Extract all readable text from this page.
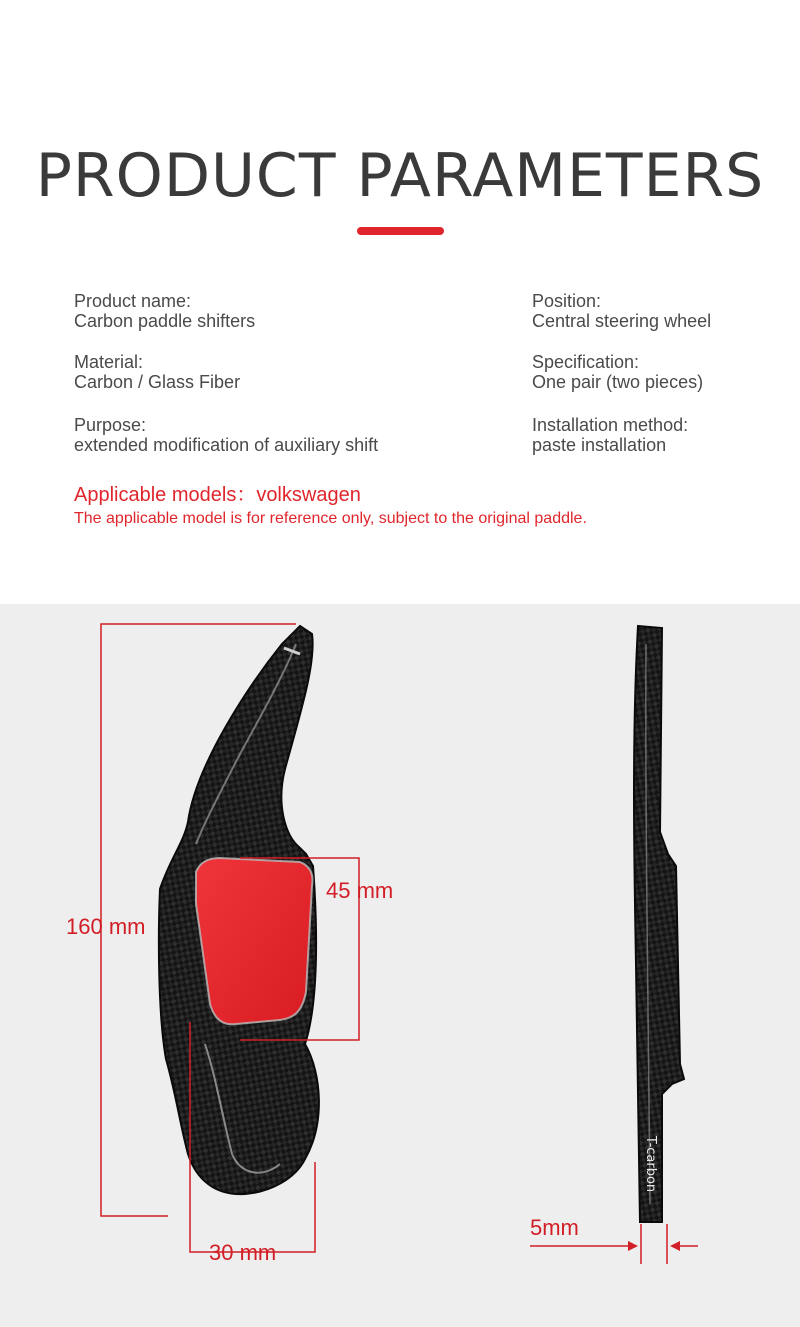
PRODUCT PARAMETERS
Product name:
Carbon paddle shifters
Position:
Central steering wheel
Material:
Carbon / Glass Fiber
Specification:
One pair (two pieces)
Purpose:
extended modification of auxiliary shift
Installation method:
paste installation
Applicable models：volkswagen
The applicable model is for reference only, subject to the original paddle.
160 mm
45 mm
30 mm
5mm
T-carbon
